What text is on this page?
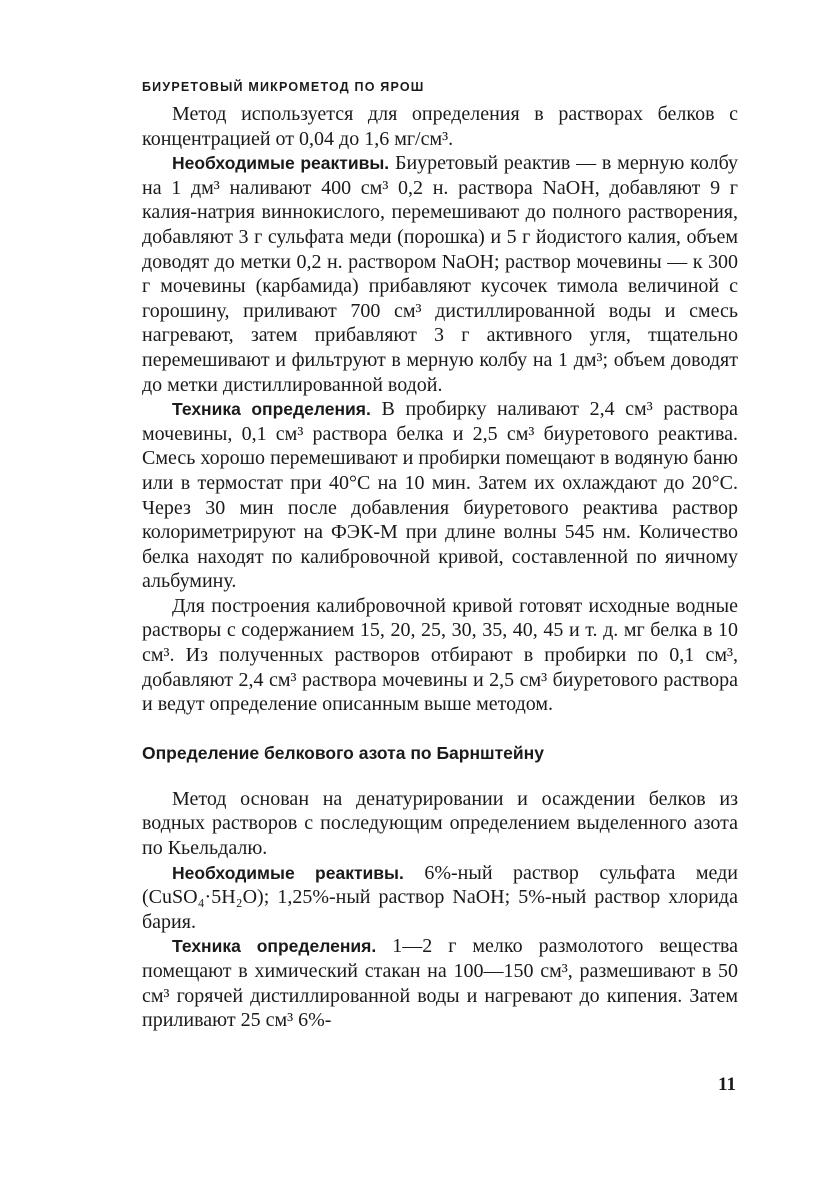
БИУРЕТОВЫЙ МИКРОМЕТОД ПО ЯРОШ

Метод используется для определения в растворах белков с концентрацией от 0,04 до 1,6 мг/см³.

Необходимые реактивы. Биуретовый реактив — в мерную колбу на 1 дм³ наливают 400 см³ 0,2 н. раствора NaOH, добавляют 9 г калия-натрия виннокислого, перемешивают до полного растворения, добавляют 3 г сульфата меди (порошка) и 5 г йодистого калия, объем доводят до метки 0,2 н. раствором NaOH; раствор мочевины — к 300 г мочевины (карбамида) прибавляют кусочек тимола величиной с горошину, приливают 700 см³ дистиллированной воды и смесь нагревают, затем прибавляют 3 г активного угля, тщательно перемешивают и фильтруют в мерную колбу на 1 дм³; объем доводят до метки дистиллированной водой.

Техника определения. В пробирку наливают 2,4 см³ раствора мочевины, 0,1 см³ раствора белка и 2,5 см³ биуретового реактива. Смесь хорошо перемешивают и пробирки помещают в водяную баню или в термостат при 40°C на 10 мин. Затем их охлаждают до 20°C. Через 30 мин после добавления биуретового реактива раствор колориметрируют на ФЭК-М при длине волны 545 нм. Количество белка находят по калибровочной кривой, составленной по яичному альбумину.

Для построения калибровочной кривой готовят исходные водные растворы с содержанием 15, 20, 25, 30, 35, 40, 45 и т. д. мг белка в 10 см³. Из полученных растворов отбирают в пробирки по 0,1 см³, добавляют 2,4 см³ раствора мочевины и 2,5 см³ биуретового раствора и ведут определение описанным выше методом.

Определение белкового азота по Барнштейну

Метод основан на денатурировании и осаждении белков из водных растворов с последующим определением выделенного азота по Кьельдалю.

Необходимые реактивы. 6%-ный раствор сульфата меди (CuSO₄·5H₂O); 1,25%-ный раствор NaOH; 5%-ный раствор хлорида бария.

Техника определения. 1—2 г мелко размолотого вещества помещают в химический стакан на 100—150 см³, размешивают в 50 см³ горячей дистиллированной воды и нагревают до кипения. Затем приливают 25 см³ 6%-

11
